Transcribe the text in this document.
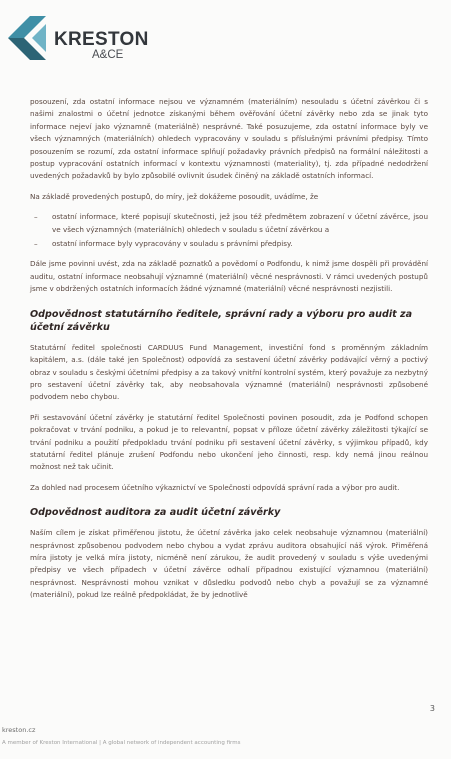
KRESTON
A&CE

posouzení, zda ostatní informace nejsou ve významném (materiálním) nesouladu s účetní závěrkou či s našimi znalostmi o účetní jednotce získanými během ověřování účetní závěrky nebo zda se jinak tyto informace nejeví jako významně (materiálně) nesprávné. Také posuzujeme, zda ostatní informace byly ve všech významných (materiálních) ohledech vypracovány v souladu s příslušnými právními předpisy. Tímto posouzením se rozumí, zda ostatní informace splňují požadavky právních předpisů na formální náležitosti a postup vypracování ostatních informací v kontextu významnosti (materiality), tj. zda případné nedodržení uvedených požadavků by bylo způsobilé ovlivnit úsudek činěný na základě ostatních informací.

Na základě provedených postupů, do míry, jež dokážeme posoudit, uvádíme, že

– ostatní informace, které popisují skutečnosti, jež jsou též předmětem zobrazení v účetní závěrce, jsou ve všech významných (materiálních) ohledech v souladu s účetní závěrkou a
– ostatní informace byly vypracovány v souladu s právními předpisy.

Dále jsme povinni uvést, zda na základě poznatků a povědomí o Podfondu, k nimž jsme dospěli při provádění auditu, ostatní informace neobsahují významné (materiální) věcné nesprávnosti. V rámci uvedených postupů jsme v obdržených ostatních informacích žádné významné (materiální) věcné nesprávnosti nezjistili.

Odpovědnost statutárního ředitele, správní rady a výboru pro audit za účetní závěrku

Statutární ředitel společnosti CARDUUS Fund Management, investiční fond s proměnným základním kapitálem, a.s. (dále také jen Společnost) odpovídá za sestavení účetní závěrky podávající věrný a poctivý obraz v souladu s českými účetními předpisy a za takový vnitřní kontrolní systém, který považuje za nezbytný pro sestavení účetní závěrky tak, aby neobsahovala významné (materiální) nesprávnosti způsobené podvodem nebo chybou.

Při sestavování účetní závěrky je statutární ředitel Společnosti povinen posoudit, zda je Podfond schopen pokračovat v trvání podniku, a pokud je to relevantní, popsat v příloze účetní závěrky záležitosti týkající se trvání podniku a použití předpokladu trvání podniku při sestavení účetní závěrky, s výjimkou případů, kdy statutární ředitel plánuje zrušení Podfondu nebo ukončení jeho činnosti, resp. kdy nemá jinou reálnou možnost než tak učinit.

Za dohled nad procesem účetního výkaznictví ve Společnosti odpovídá správní rada a výbor pro audit.

Odpovědnost auditora za audit účetní závěrky

Naším cílem je získat přiměřenou jistotu, že účetní závěrka jako celek neobsahuje významnou (materiální) nesprávnost způsobenou podvodem nebo chybou a vydat zprávu auditora obsahující náš výrok. Přiměřená míra jistoty je velká míra jistoty, nicméně není zárukou, že audit provedený v souladu s výše uvedenými předpisy ve všech případech v účetní závěrce odhalí případnou existující významnou (materiální) nesprávnost. Nesprávnosti mohou vznikat v důsledku podvodů nebo chyb a považují se za významné (materiální), pokud lze reálně předpokládat, že by jednotlivě

3
kreston.cz
A member of Kreston International | A global network of independent accounting firms
